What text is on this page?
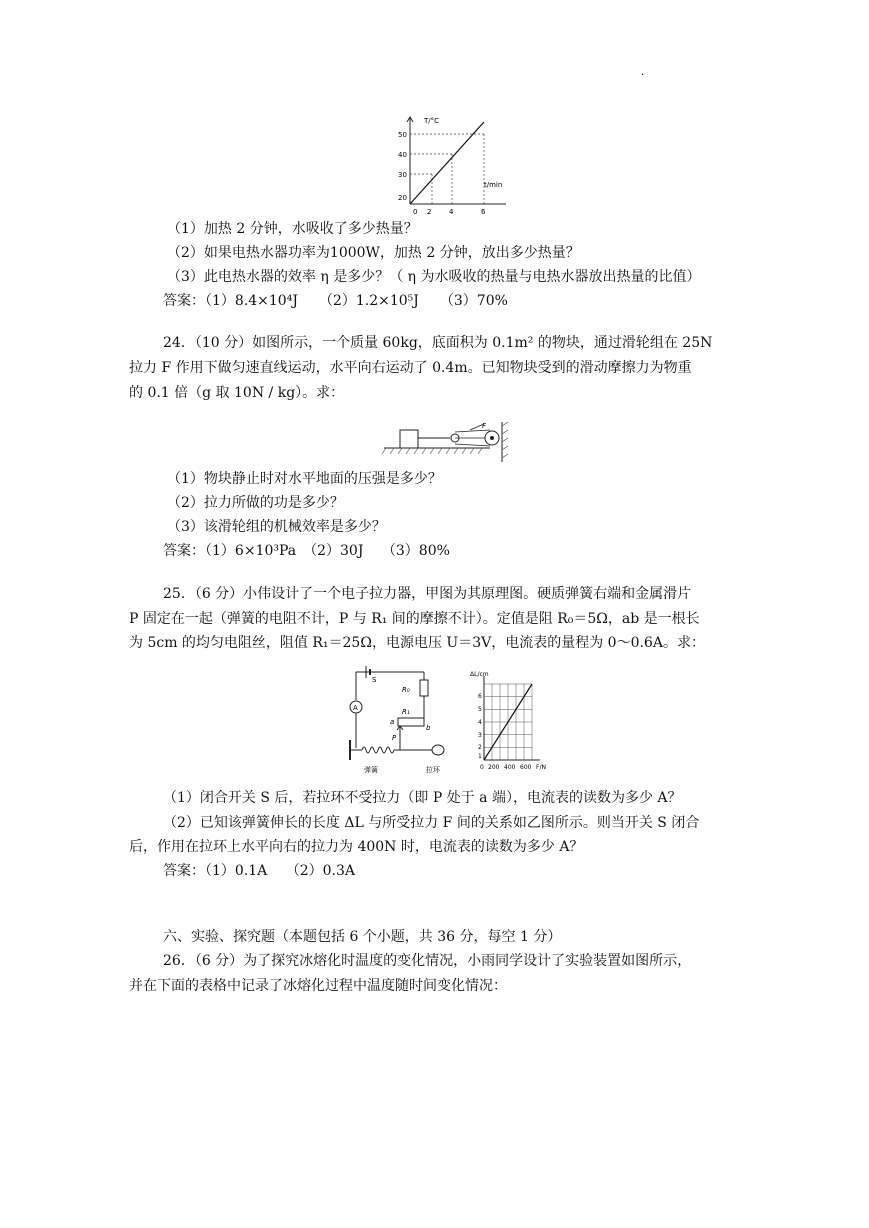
·
T/°C
t/min
50
40
30
20
0 2	4	6
（1）加热 2 分钟，水吸收了多少热量？
（2）如果电热水器功率为1000W，加热 2 分钟，放出多少热量？
（3）此电热水器的效率 η 是多少？（ η 为水吸收的热量与电热水器放出热量的比值）
答案：（1）8.4×10⁴J　　（2）1.2×10⁵J　　（3）70%
24．（10 分）如图所示，一个质量 60kg，底面积为 0.1m² 的物块，通过滑轮组在 25N
拉力 F 作用下做匀速直线运动，水平向右运动了 0.4m。已知物块受到的滑动摩擦力为物重
的 0.1 倍（g 取 10N / kg）。求：
F
（1）物块静止时对水平地面的压强是多少？
（2）拉力所做的功是多少？
（3）该滑轮组的机械效率是多少？
答案：（1）6×10³Pa　（2）30J　 （3）80%
25．（6 分）小伟设计了一个电子拉力器，甲图为其原理图。硬质弹簧右端和金属滑片
P 固定在一起（弹簧的电阻不计，P 与 R₁ 间的摩擦不计）。定值是阻 R₀＝5Ω，ab 是一根长
为 5cm 的均匀电阻丝，阻值 R₁＝25Ω，电源电压 U＝3V，电流表的量程为 0～0.6A。求：
A
S
R₀
R₁
a
b
P
弹簧	拉环
ΔL/cm
F/N
6
5
4
3
2
1
0 200 400 600
（1）闭合开关 S 后，若拉环不受拉力（即 P 处于 a 端），电流表的读数为多少 A？
（2）已知该弹簧伸长的长度 ΔL 与所受拉力 F 间的关系如乙图所示。则当开关 S 闭合
后，作用在拉环上水平向右的拉力为 400N 时，电流表的读数为多少 A？
答案：（1）0.1A　 （2）0.3A
六、实验、探究题（本题包括 6 个小题，共 36 分，每空 1 分）
26．（6 分）为了探究冰熔化时温度的变化情况，小雨同学设计了实验装置如图所示，
并在下面的表格中记录了冰熔化过程中温度随时间变化情况：
